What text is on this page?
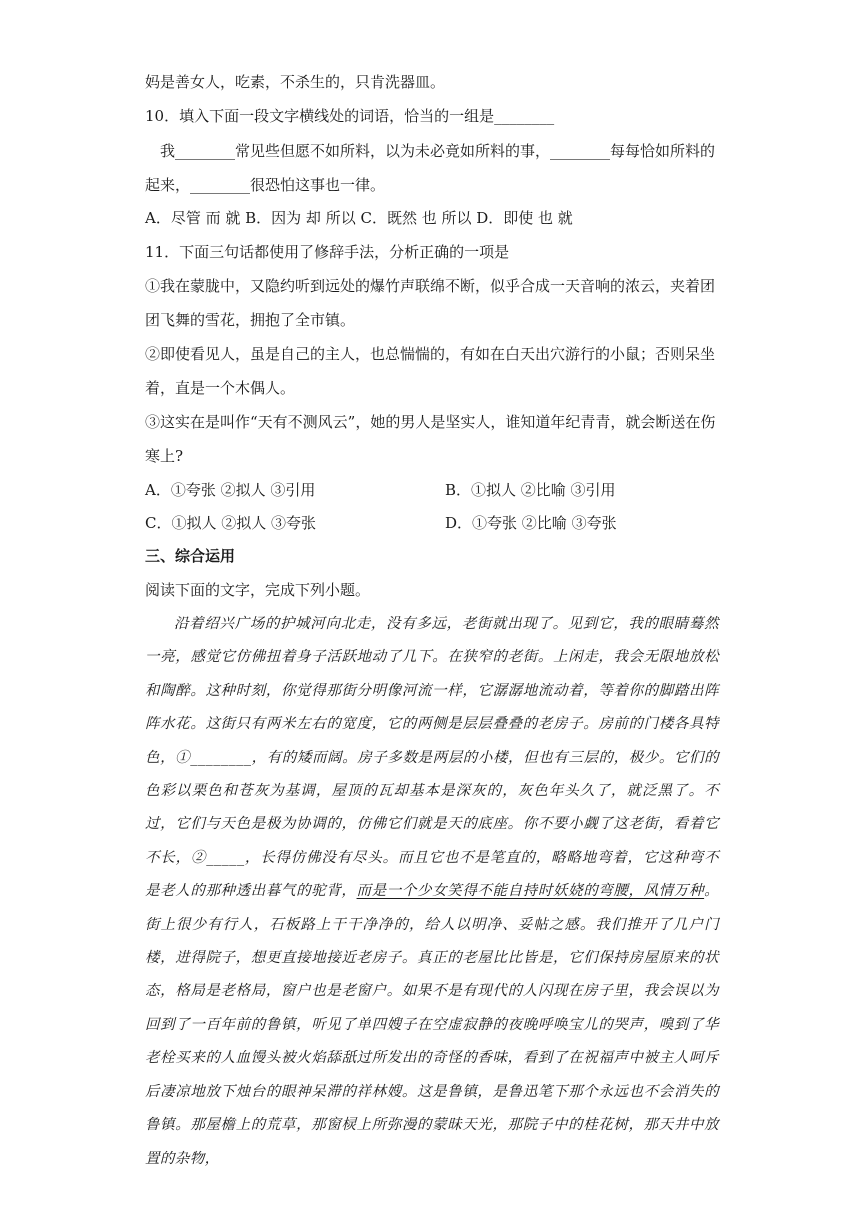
妈是善女人，吃素，不杀生的，只肯洗器皿。
10．填入下面一段文字横线处的词语，恰当的一组是________
　我________常见些但愿不如所料，以为未必竟如所料的事，________每每恰如所料的
起来，________很恐怕这事也一律。
A．尽管 而 就 B．因为 却 所以 C．既然 也 所以 D．即使 也 就
11．下面三句话都使用了修辞手法，分析正确的一项是
①我在蒙胧中，又隐约听到远处的爆竹声联绵不断，似乎合成一天音响的浓云，夹着团
团飞舞的雪花，拥抱了全市镇。
②即使看见人，虽是自己的主人，也总惴惴的，有如在白天出穴游行的小鼠；否则呆坐
着，直是一个木偶人。
③这实在是叫作“天有不测风云”，她的男人是坚实人，谁知道年纪青青，就会断送在伤
寒上?
A．①夸张 ②拟人 ③引用	B．①拟人 ②比喻 ③引用
C．①拟人 ②拟人 ③夸张	D．①夸张 ②比喻 ③夸张
三、综合运用
阅读下面的文字，完成下列小题。
沿着绍兴广场的护城河向北走，没有多远，老街就出现了。见到它，我的眼睛蓦然一亮，感觉它仿佛扭着身子活跃地动了几下。在狭窄的老街。上闲走，我会无限地放松和陶醉。这种时刻，你觉得那街分明像河流一样，它潺潺地流动着，等着你的脚踏出阵阵水花。这街只有两米左右的宽度，它的两侧是层层叠叠的老房子。房前的门楼各具特色，①________，有的矮而阔。房子多数是两层的小楼，但也有三层的，极少。它们的色彩以栗色和苍灰为基调，屋顶的瓦却基本是深灰的，灰色年头久了，就泛黑了。不过，它们与天色是极为协调的，仿佛它们就是天的底座。你不要小觑了这老街，看着它不长，②_____，长得仿佛没有尽头。而且它也不是笔直的，略略地弯着，它这种弯不是老人的那种透出暮气的驼背，而是一个少女笑得不能自持时妖娆的弯腰，风情万种。街上很少有行人，石板路上干干净净的，给人以明净、妥帖之感。我们推开了几户门楼，进得院子，想更直接地接近老房子。真正的老屋比比皆是，它们保持房屋原来的状态，格局是老格局，窗户也是老窗户。如果不是有现代的人闪现在房子里，我会误以为回到了一百年前的鲁镇，听见了单四嫂子在空虚寂静的夜晚呼唤宝儿的哭声，嗅到了华老栓买来的人血馒头被火焰舔舐过所发出的奇怪的香味，看到了在祝福声中被主人呵斥后凄凉地放下烛台的眼神呆滞的祥林嫂。这是鲁镇，是鲁迅笔下那个永远也不会消失的鲁镇。那屋檐上的荒草，那窗棂上所弥漫的蒙昧天光，那院子中的桂花树，那天井中放置的杂物，
